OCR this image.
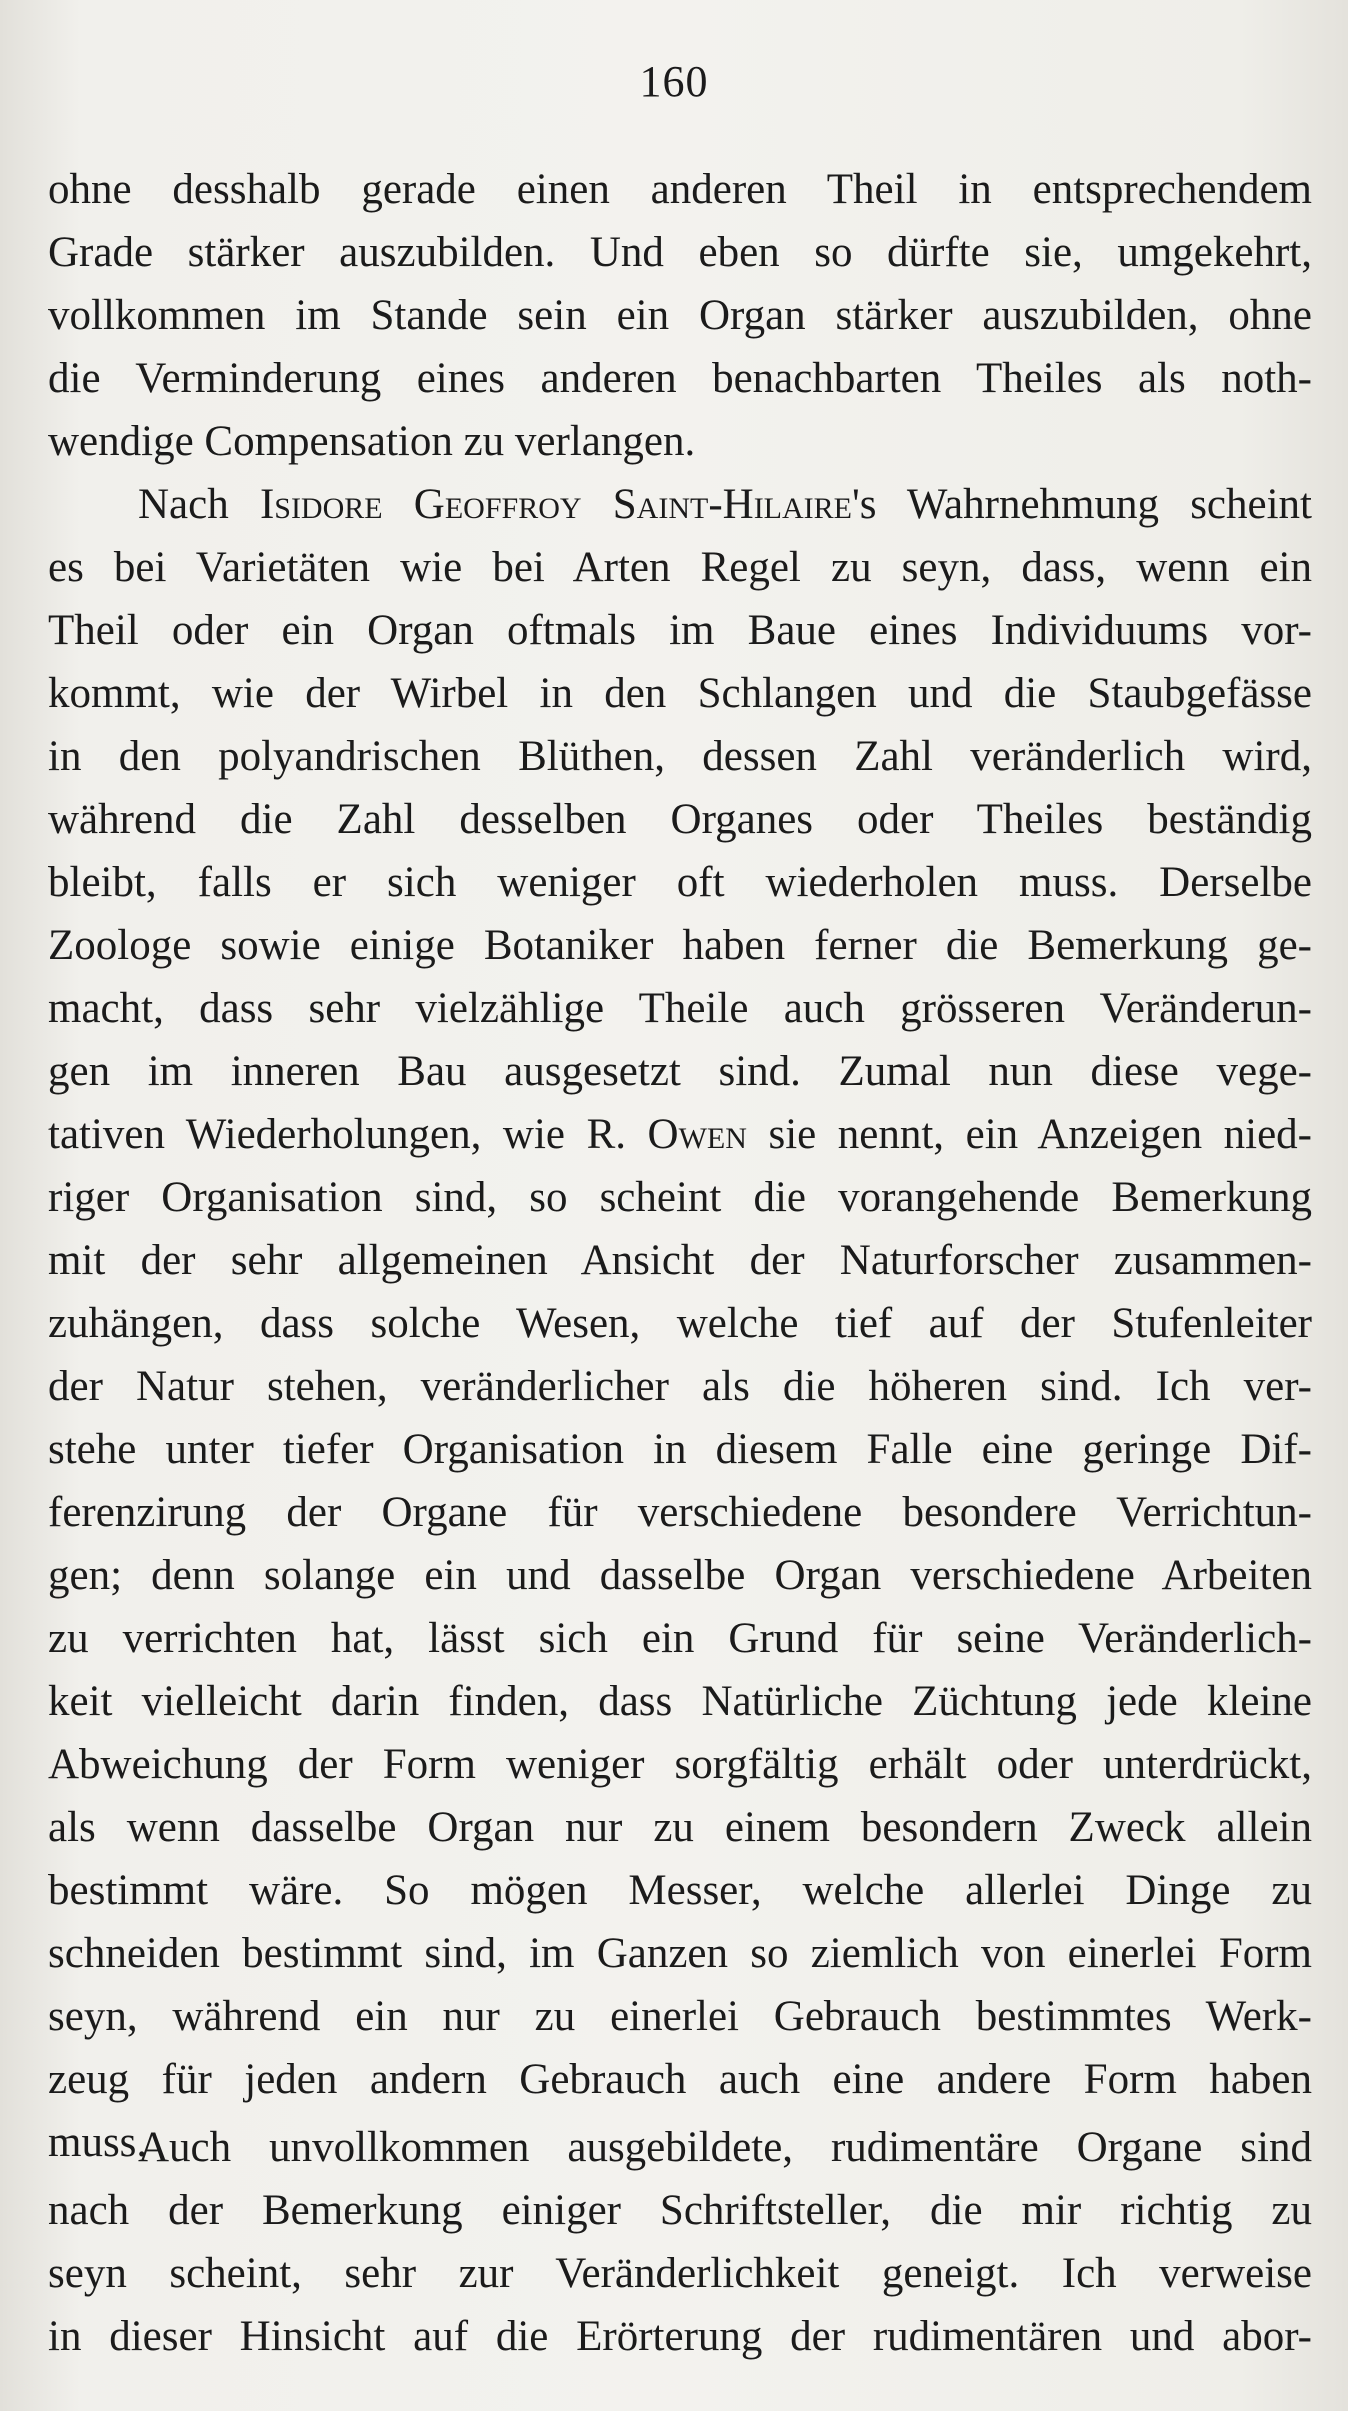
160
ohne desshalb gerade einen anderen Theil in entsprechendem
Grade stärker auszubilden. Und eben so dürfte sie, umgekehrt,
vollkommen im Stande sein ein Organ stärker auszubilden, ohne
die Verminderung eines anderen benachbarten Theiles als noth-
wendige Compensation zu verlangen.
Nach Isidore Geoffroy Saint-Hilaire's Wahrnehmung scheint
es bei Varietäten wie bei Arten Regel zu seyn, dass, wenn ein
Theil oder ein Organ oftmals im Baue eines Individuums vor-
kommt, wie der Wirbel in den Schlangen und die Staubgefässe
in den polyandrischen Blüthen, dessen Zahl veränderlich wird,
während die Zahl desselben Organes oder Theiles beständig
bleibt, falls er sich weniger oft wiederholen muss. Derselbe
Zoologe sowie einige Botaniker haben ferner die Bemerkung ge-
macht, dass sehr vielzählige Theile auch grösseren Veränderun-
gen im inneren Bau ausgesetzt sind. Zumal nun diese vege-
tativen Wiederholungen, wie R. Owen sie nennt, ein Anzeigen nied-
riger Organisation sind, so scheint die vorangehende Bemerkung
mit der sehr allgemeinen Ansicht der Naturforscher zusammen-
zuhängen, dass solche Wesen, welche tief auf der Stufenleiter
der Natur stehen, veränderlicher als die höheren sind. Ich ver-
stehe unter tiefer Organisation in diesem Falle eine geringe Dif-
ferenzirung der Organe für verschiedene besondere Verrichtun-
gen; denn solange ein und dasselbe Organ verschiedene Arbeiten
zu verrichten hat, lässt sich ein Grund für seine Veränderlich-
keit vielleicht darin finden, dass Natürliche Züchtung jede kleine
Abweichung der Form weniger sorgfältig erhält oder unterdrückt,
als wenn dasselbe Organ nur zu einem besondern Zweck allein
bestimmt wäre. So mögen Messer, welche allerlei Dinge zu
schneiden bestimmt sind, im Ganzen so ziemlich von einerlei Form
seyn, während ein nur zu einerlei Gebrauch bestimmtes Werk-
zeug für jeden andern Gebrauch auch eine andere Form haben
muss.
Auch unvollkommen ausgebildete, rudimentäre Organe sind
nach der Bemerkung einiger Schriftsteller, die mir richtig zu
seyn scheint, sehr zur Veränderlichkeit geneigt. Ich verweise
in dieser Hinsicht auf die Erörterung der rudimentären und abor-
